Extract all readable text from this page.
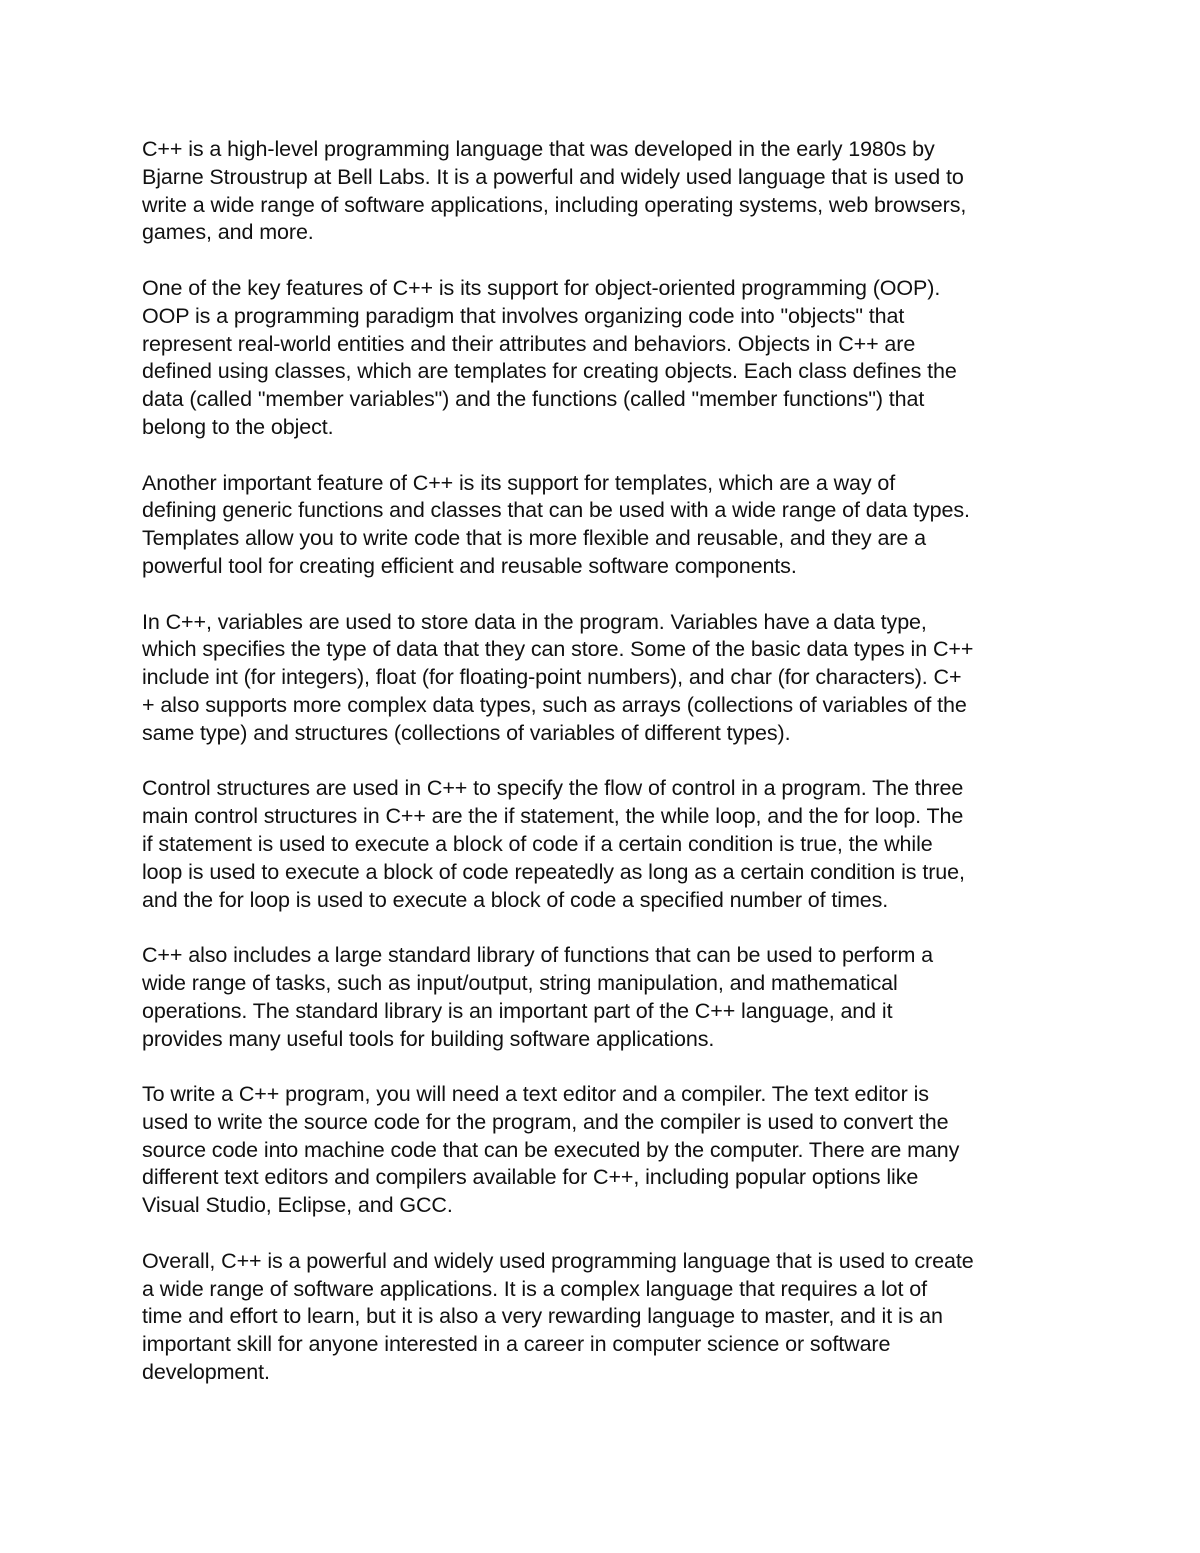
C++ is a high-level programming language that was developed in the early 1980s by
Bjarne Stroustrup at Bell Labs. It is a powerful and widely used language that is used to
write a wide range of software applications, including operating systems, web browsers,
games, and more.

One of the key features of C++ is its support for object-oriented programming (OOP).
OOP is a programming paradigm that involves organizing code into "objects" that
represent real-world entities and their attributes and behaviors. Objects in C++ are
defined using classes, which are templates for creating objects. Each class defines the
data (called "member variables") and the functions (called "member functions") that
belong to the object.

Another important feature of C++ is its support for templates, which are a way of
defining generic functions and classes that can be used with a wide range of data types.
Templates allow you to write code that is more flexible and reusable, and they are a
powerful tool for creating efficient and reusable software components.

In C++, variables are used to store data in the program. Variables have a data type,
which specifies the type of data that they can store. Some of the basic data types in C++
include int (for integers), float (for floating-point numbers), and char (for characters). C+
+ also supports more complex data types, such as arrays (collections of variables of the
same type) and structures (collections of variables of different types).

Control structures are used in C++ to specify the flow of control in a program. The three
main control structures in C++ are the if statement, the while loop, and the for loop. The
if statement is used to execute a block of code if a certain condition is true, the while
loop is used to execute a block of code repeatedly as long as a certain condition is true,
and the for loop is used to execute a block of code a specified number of times.

C++ also includes a large standard library of functions that can be used to perform a
wide range of tasks, such as input/output, string manipulation, and mathematical
operations. The standard library is an important part of the C++ language, and it
provides many useful tools for building software applications.

To write a C++ program, you will need a text editor and a compiler. The text editor is
used to write the source code for the program, and the compiler is used to convert the
source code into machine code that can be executed by the computer. There are many
different text editors and compilers available for C++, including popular options like
Visual Studio, Eclipse, and GCC.

Overall, C++ is a powerful and widely used programming language that is used to create
a wide range of software applications. It is a complex language that requires a lot of
time and effort to learn, but it is also a very rewarding language to master, and it is an
important skill for anyone interested in a career in computer science or software
development.
